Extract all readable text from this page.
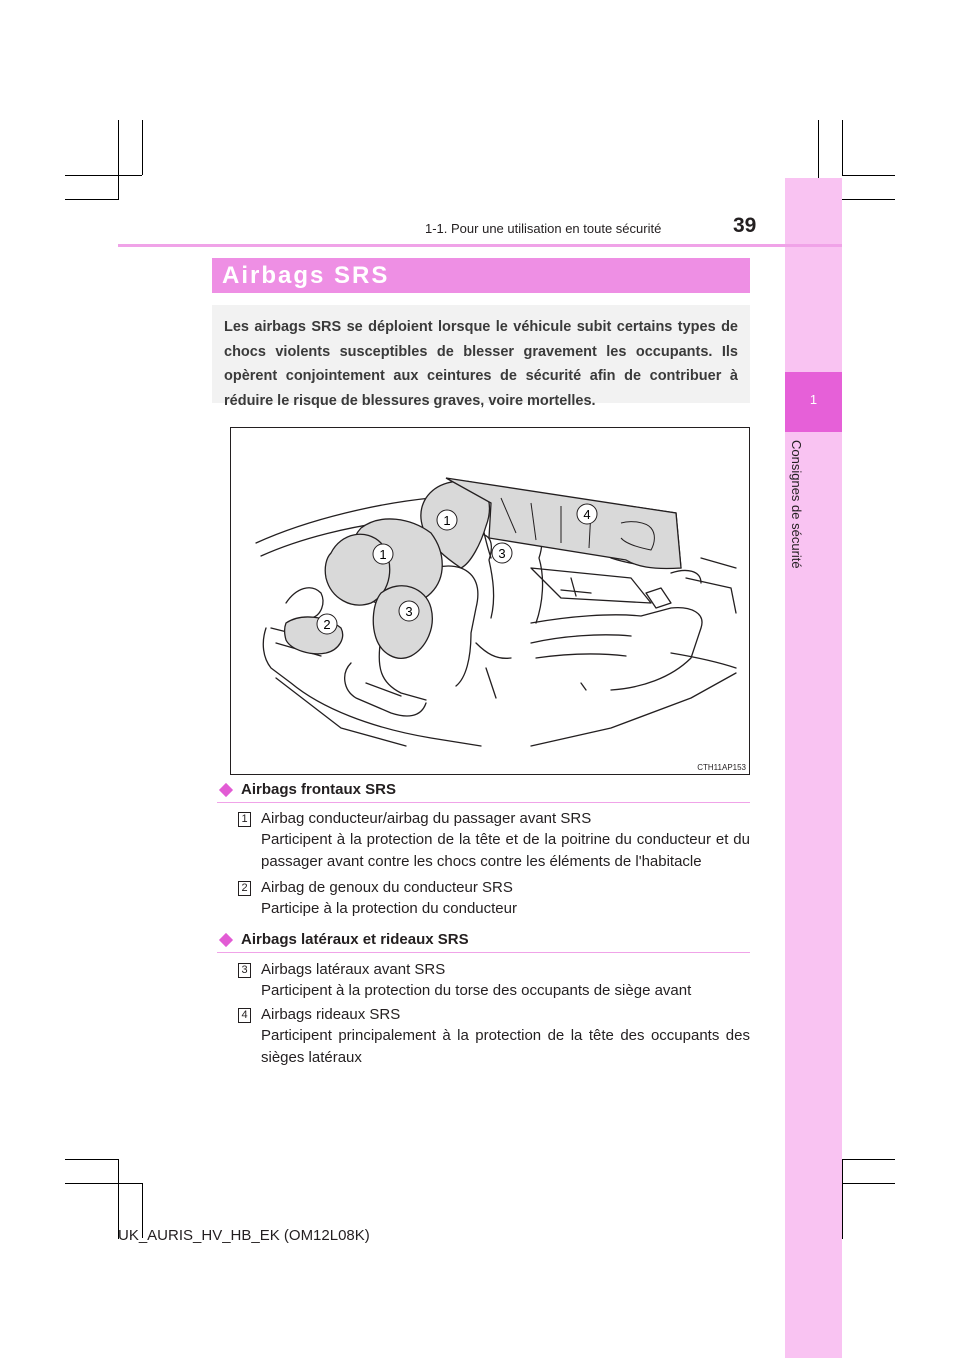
1
Consignes de sécurité
1-1. Pour une utilisation en toute sécurité	39
Airbags SRS
Les airbags SRS se déploient lorsque le véhicule subit certains types de chocs violents susceptibles de blesser gravement les occupants. Ils opèrent conjointement aux ceintures de sécurité afin de contribuer à réduire le risque de blessures graves, voire mortelles.
1
1
2
3
3
4
CTH11AP153
Airbags frontaux SRS
1 Airbag conducteur/airbag du passager avant SRS
Participent à la protection de la tête et de la poitrine du conducteur et du passager avant contre les chocs contre les éléments de l'habitacle
2 Airbag de genoux du conducteur SRS
Participe à la protection du conducteur
Airbags latéraux et rideaux SRS
3 Airbags latéraux avant SRS
Participent à la protection du torse des occupants de siège avant
4 Airbags rideaux SRS
Participent principalement à la protection de la tête des occupants des sièges latéraux
UK_AURIS_HV_HB_EK (OM12L08K)
